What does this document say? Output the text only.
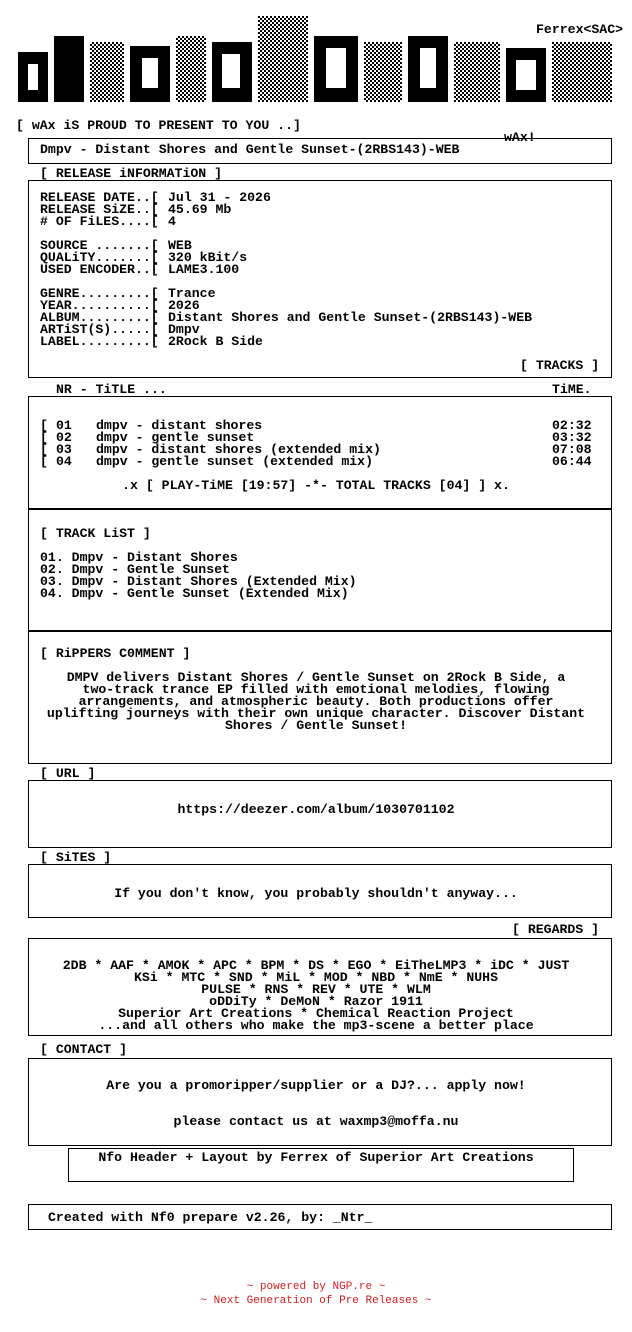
Ferrex<SAC>
[ wAx iS PROUD TO PRESENT TO YOU ..]
wAx!
Dmpv - Distant Shores and Gentle Sunset-(2RBS143)-WEB
[ RELEASE iNFORMATiON ]
RELEASE DATE..[ Jul 31 - 2026
RELEASE SiZE..[ 45.69 Mb
# OF FiLES....[ 4
SOURCE .......[ WEB
QUALiTY.......[ 320 kBit/s
USED ENCODER..[ LAME3.100
GENRE.........[ Trance
YEAR..........[ 2026
ALBUM.........[ Distant Shores and Gentle Sunset-(2RBS143)-WEB
ARTiST(S).....[ Dmpv
LABEL.........[ 2Rock B Side
[ TRACKS ]
NR - TiTLE ...	TiME.
[ 01 dmpv - distant shores	02:32
[ 02 dmpv - gentle sunset	03:32
[ 03 dmpv - distant shores (extended mix)	07:08
[ 04 dmpv - gentle sunset (extended mix)	06:44
.x [ PLAY-TiME [19:57] -*- TOTAL TRACKS [04] ] x.
[ TRACK LiST ]
01. Dmpv - Distant Shores
02. Dmpv - Gentle Sunset
03. Dmpv - Distant Shores (Extended Mix)
04. Dmpv - Gentle Sunset (Extended Mix)
[ RiPPERS C0MMENT ]
DMPV delivers Distant Shores / Gentle Sunset on 2Rock B Side, a
two-track trance EP filled with emotional melodies, flowing
arrangements, and atmospheric beauty. Both productions offer
uplifting journeys with their own unique character. Discover Distant
Shores / Gentle Sunset!
[ URL ]
https://deezer.com/album/1030701102
[ SiTES ]
If you don't know, you probably shouldn't anyway...
[ REGARDS ]
2DB * AAF * AMOK * APC * BPM * DS * EGO * EiTheLMP3 * iDC * JUST
KSi * MTC * SND * MiL * MOD * NBD * NmE * NUHS
PULSE * RNS * REV * UTE * WLM
oDDiTy * DeMoN * Razor 1911
Superior Art Creations * Chemical Reaction Project
...and all others who make the mp3-scene a better place
[ CONTACT ]
Are you a promoripper/supplier or a DJ?... apply now!
please contact us at waxmp3@moffa.nu
Nfo Header + Layout by Ferrex of Superior Art Creations
Created with Nf0 prepare v2.26, by: _Ntr_
~ powered by NGP.re ~
~ Next Generation of Pre Releases ~
